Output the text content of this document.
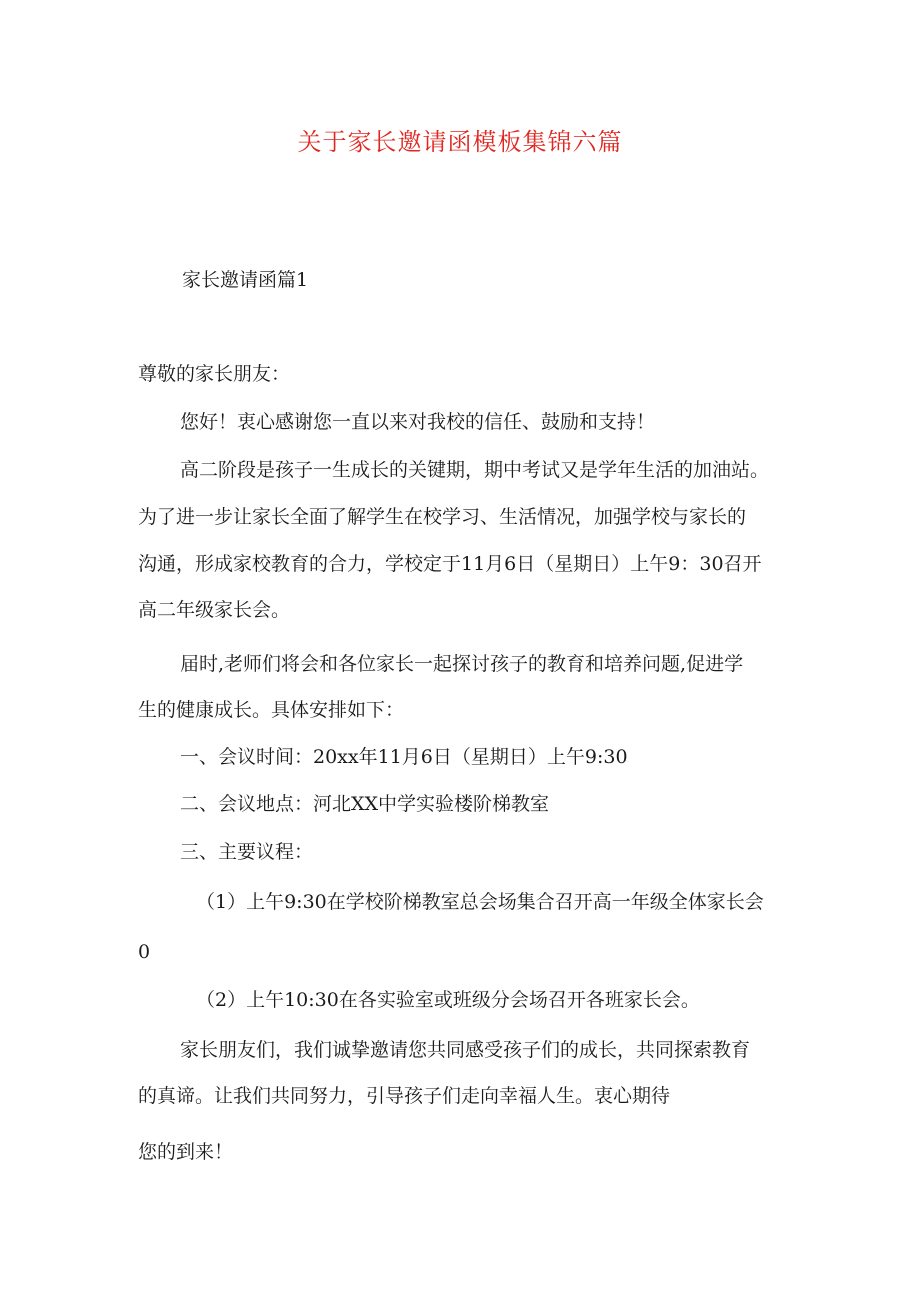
关于家长邀请函模板集锦六篇
家长邀请函篇1
尊敬的家长朋友：
您好！衷心感谢您一直以来对我校的信任、鼓励和支持！
高二阶段是孩子一生成长的关键期，期中考试又是学年生活的加油站。
为了进一步让家长全面了解学生在校学习、生活情况，加强学校与家长的
沟通，形成家校教育的合力，学校定于11月6日（星期日）上午9：30召开
高二年级家长会。
届时,老师们将会和各位家长一起探讨孩子的教育和培养问题,促进学
生的健康成长。具体安排如下：
一、会议时间：20xx年11月6日（星期日）上午9:30
二、会议地点：河北XX中学实验楼阶梯教室
三、主要议程：
（1）上午9:30在学校阶梯教室总会场集合召开高一年级全体家长会
0
（2）上午10:30在各实验室或班级分会场召开各班家长会。
家长朋友们，我们诚挚邀请您共同感受孩子们的成长，共同探索教育
的真谛。让我们共同努力，引导孩子们走向幸福人生。衷心期待
您的到来！
